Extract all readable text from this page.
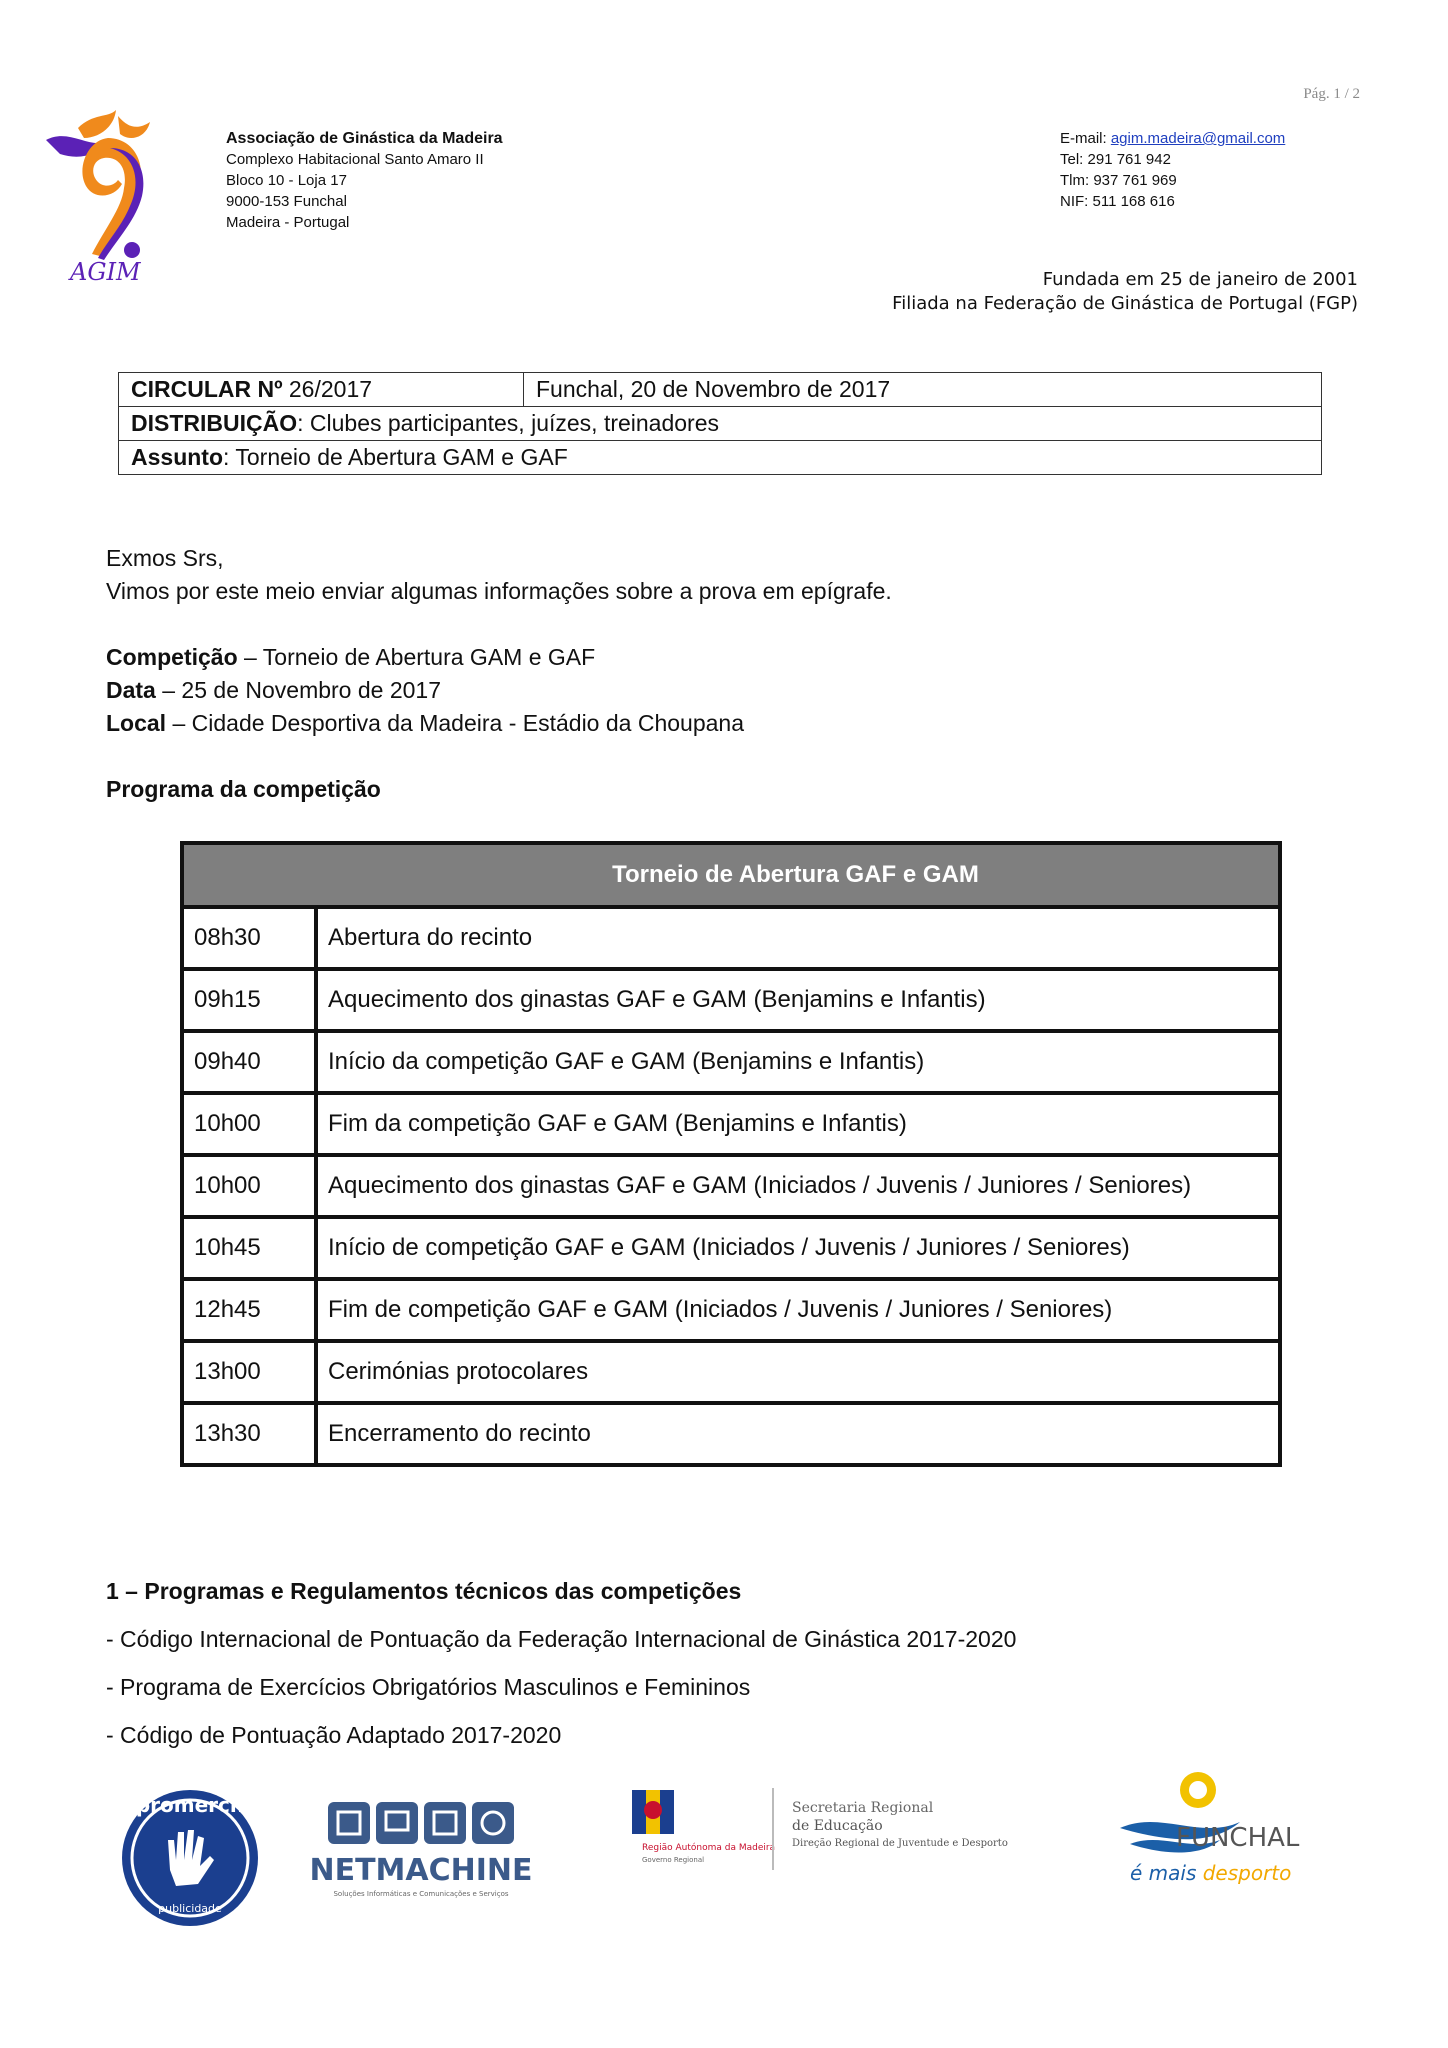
Pág. 1 / 2
AGIM
Associação de Ginástica da Madeira
Complexo Habitacional Santo Amaro II
Bloco 10 - Loja 17
9000-153 Funchal
Madeira - Portugal
E-mail: agim.madeira@gmail.com
Tel: 291 761 942
Tlm: 937 761 969
NIF: 511 168 616
Fundada em 25 de janeiro de 2001
Filiada na Federação de Ginástica de Portugal (FGP)
CIRCULAR Nº 26/2017	Funchal, 20 de Novembro de 2017
DISTRIBUIÇÃO: Clubes participantes, juízes, treinadores
Assunto: Torneio de Abertura GAM e GAF
Exmos Srs,
Vimos por este meio enviar algumas informações sobre a prova em epígrafe.
Competição – Torneio de Abertura GAM e GAF
Data – 25 de Novembro de 2017
Local – Cidade Desportiva da Madeira - Estádio da Choupana
Programa da competição
Torneio de Abertura GAF e GAM	
08h30	Abertura do recinto
09h15	Aquecimento dos ginastas GAF e GAM (Benjamins e Infantis)
09h40	Início da competição GAF e GAM (Benjamins e Infantis)
10h00	Fim da competição GAF e GAM (Benjamins e Infantis)
10h00	Aquecimento dos ginastas GAF e GAM (Iniciados / Juvenis / Juniores / Seniores)
10h45	Início de competição GAF e GAM (Iniciados / Juvenis / Juniores / Seniores)
12h45	Fim de competição GAF e GAM (Iniciados / Juvenis / Juniores / Seniores)
13h00	Cerimónias protocolares
13h30	Encerramento do recinto
1 – Programas e Regulamentos técnicos das competições
- Código Internacional de Pontuação da Federação Internacional de Ginástica 2017-2020
- Programa de Exercícios Obrigatórios Masculinos e Femininos
- Código de Pontuação Adaptado 2017-2020
promerch
publicidade
NETMACHINE
Soluções Informáticas e Comunicações e Serviços
Região Autónoma da Madeira
Governo Regional
Secretaria Regional
de Educação
Direção Regional de Juventude e Desporto	FUNCHAL
é mais desporto
